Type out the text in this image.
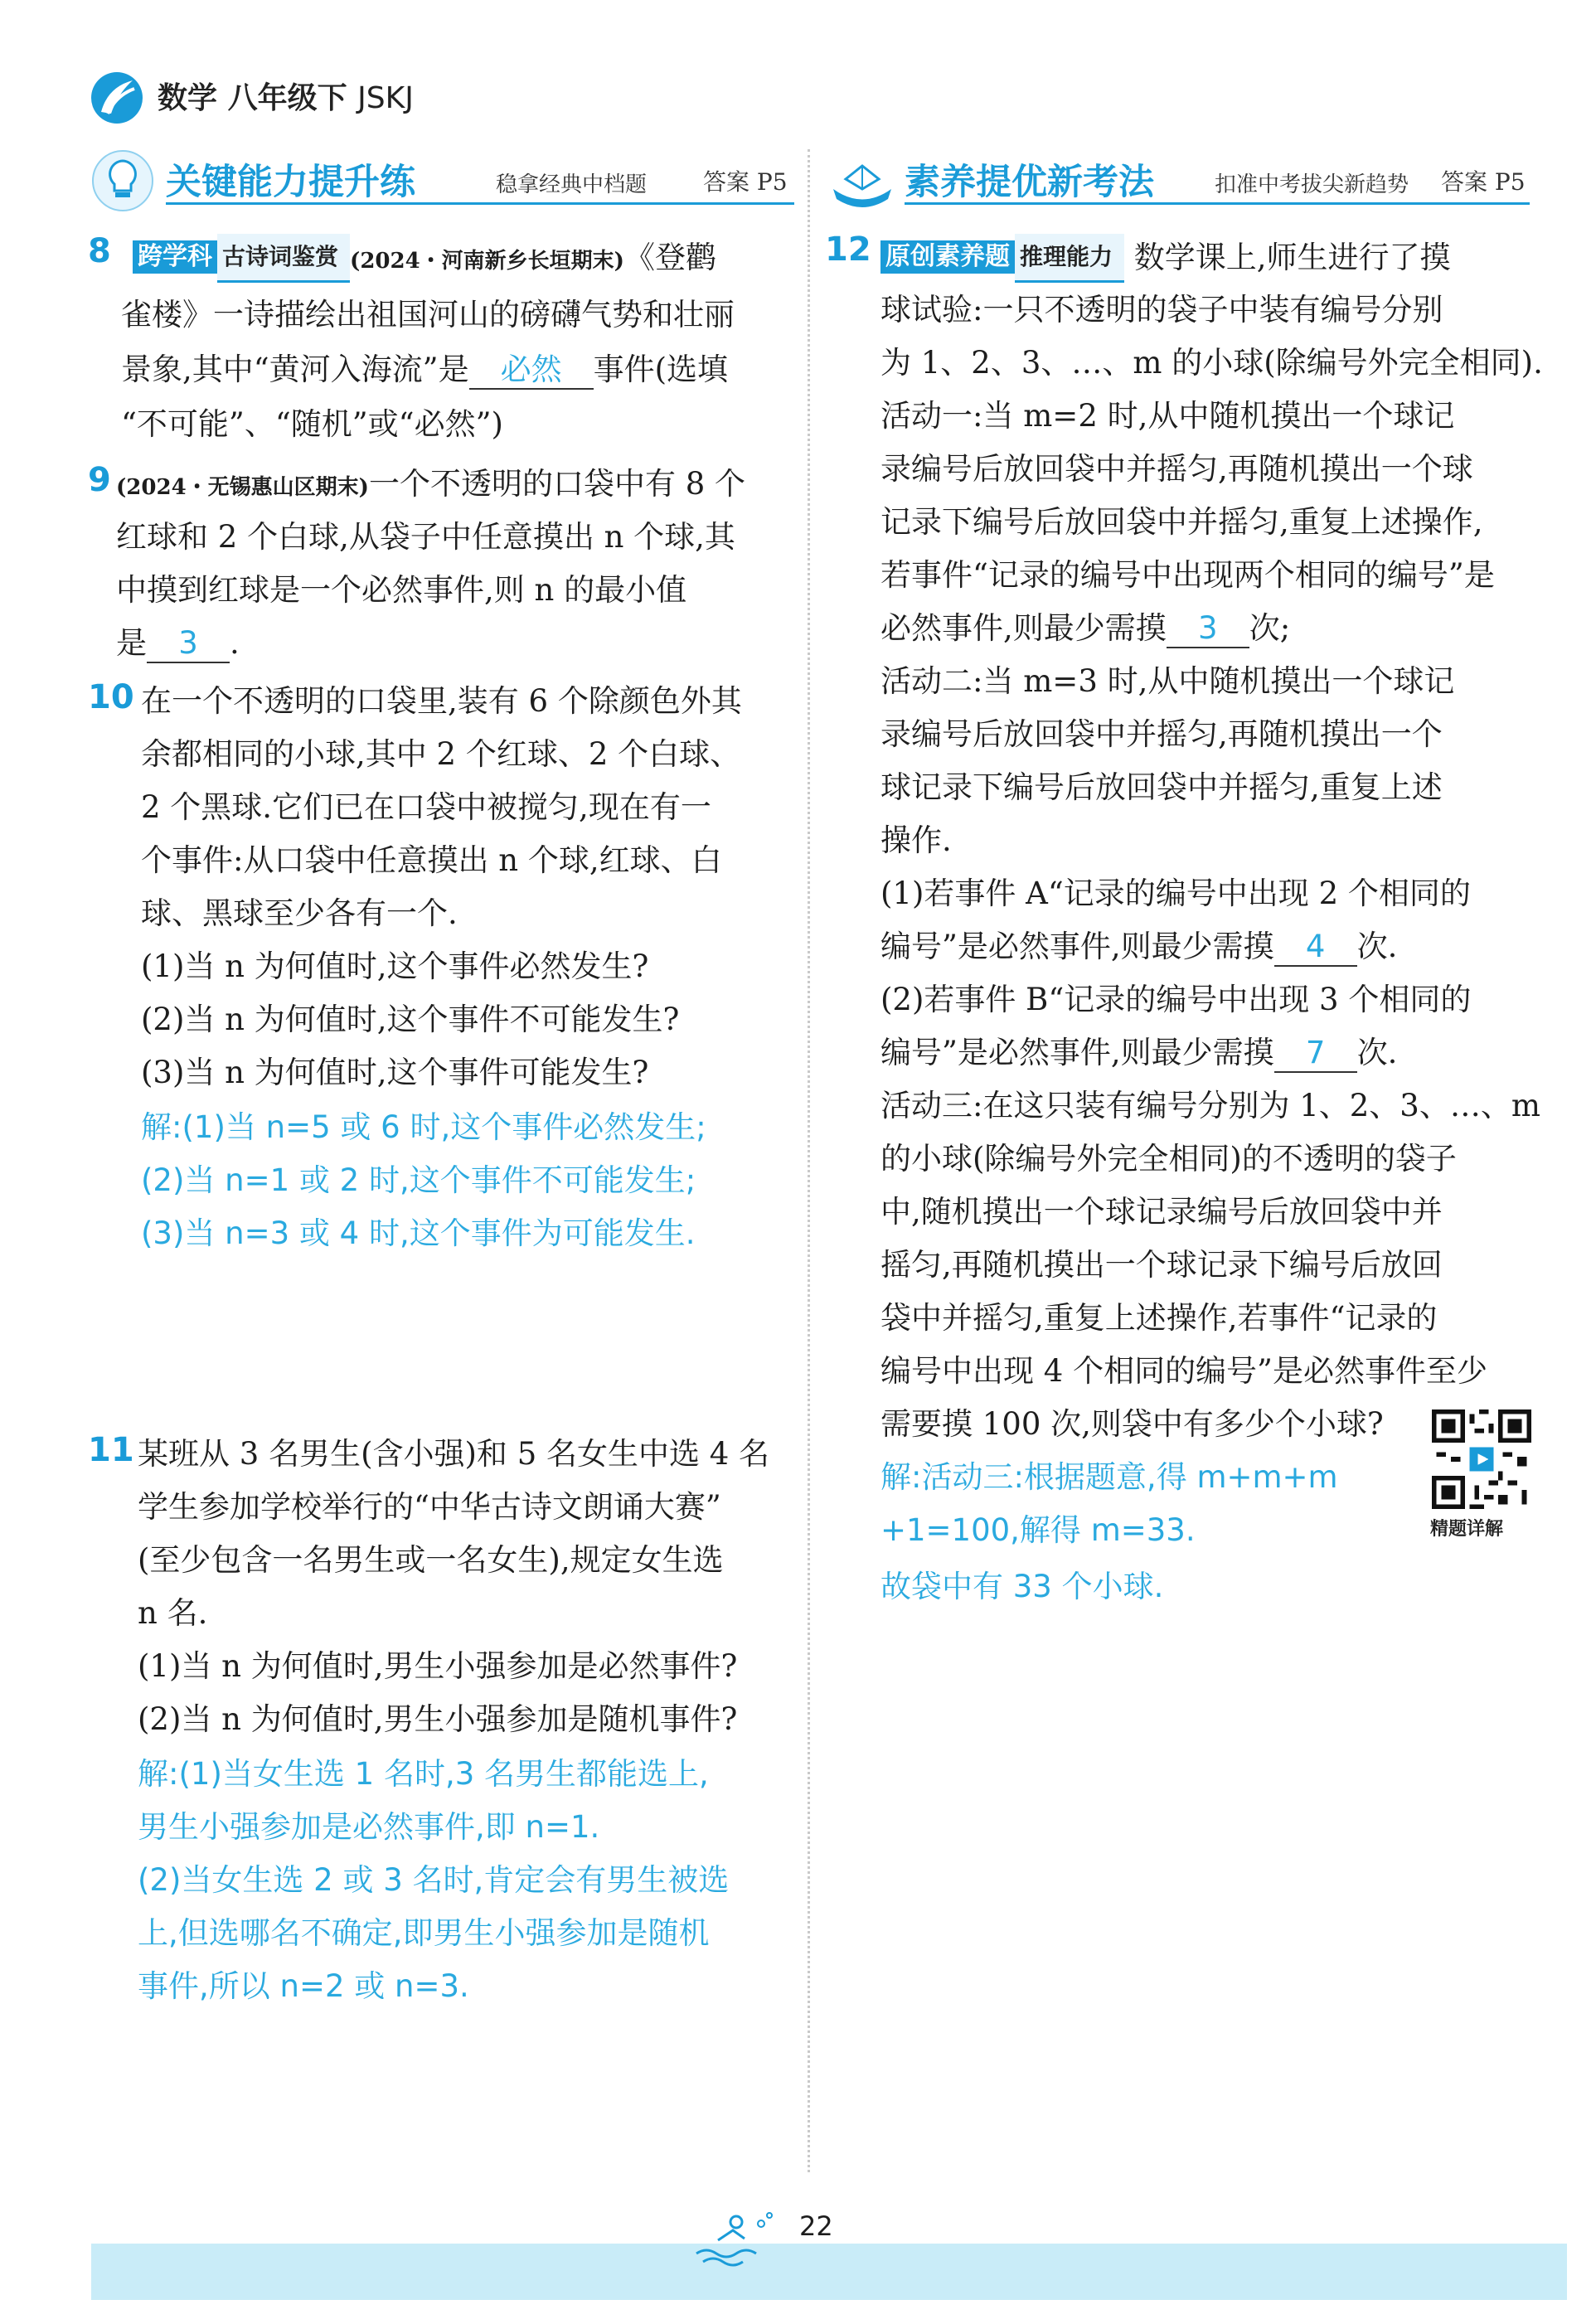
数学 八年级下 JSKJ
关键能力提升练	稳拿经典中档题 答案 P5	素养提优新考法	扣准中考拔尖新趋势 答案 P5
8 跨学科 古诗词鉴赏 (2024・河南新乡长垣期末)《登鹳
雀楼》一诗描绘出祖国河山的磅礴气势和壮丽
景象,其中“黄河入海流”是 必然 事件(选填
“不可能”、“随机”或“必然”)
9 (2024・无锡惠山区期末)一个不透明的口袋中有 8 个
红球和 2 个白球,从袋子中任意摸出 n 个球,其
中摸到红球是一个必然事件,则 n 的最小值
是 3 .
10 在一个不透明的口袋里,装有 6 个除颜色外其
余都相同的小球,其中 2 个红球、2 个白球、
2 个黑球.它们已在口袋中被搅匀,现在有一
个事件:从口袋中任意摸出 n 个球,红球、白
球、黑球至少各有一个.
(1)当 n 为何值时,这个事件必然发生?
(2)当 n 为何值时,这个事件不可能发生?
(3)当 n 为何值时,这个事件可能发生?
解:(1)当 n=5 或 6 时,这个事件必然发生;
(2)当 n=1 或 2 时,这个事件不可能发生;
(3)当 n=3 或 4 时,这个事件为可能发生.
11 某班从 3 名男生(含小强)和 5 名女生中选 4 名
学生参加学校举行的“中华古诗文朗诵大赛”
(至少包含一名男生或一名女生),规定女生选
n 名.
(1)当 n 为何值时,男生小强参加是必然事件?
(2)当 n 为何值时,男生小强参加是随机事件?
解:(1)当女生选 1 名时,3 名男生都能选上,
男生小强参加是必然事件,即 n=1.
(2)当女生选 2 或 3 名时,肯定会有男生被选
上,但选哪名不确定,即男生小强参加是随机
事件,所以 n=2 或 n=3.
12 原创素养题 推理能力 数学课上,师生进行了摸
球试验:一只不透明的袋子中装有编号分别
为 1、2、3、…、m 的小球(除编号外完全相同).
活动一:当 m=2 时,从中随机摸出一个球记
录编号后放回袋中并摇匀,再随机摸出一个球
记录下编号后放回袋中并摇匀,重复上述操作,
若事件“记录的编号中出现两个相同的编号”是
必然事件,则最少需摸 3 次;
活动二:当 m=3 时,从中随机摸出一个球记
录编号后放回袋中并摇匀,再随机摸出一个
球记录下编号后放回袋中并摇匀,重复上述
操作.
(1)若事件 A“记录的编号中出现 2 个相同的
编号”是必然事件,则最少需摸 4 次.
(2)若事件 B“记录的编号中出现 3 个相同的
编号”是必然事件,则最少需摸 7 次.
活动三:在这只装有编号分别为 1、2、3、…、m
的小球(除编号外完全相同)的不透明的袋子
中,随机摸出一个球记录编号后放回袋中并
摇匀,再随机摸出一个球记录下编号后放回
袋中并摇匀,重复上述操作,若事件“记录的
编号中出现 4 个相同的编号”是必然事件至少
需要摸 100 次,则袋中有多少个小球?
解:活动三:根据题意,得 m+m+m
+1=100,解得 m=33.
故袋中有 33 个小球.
精题详解
22
